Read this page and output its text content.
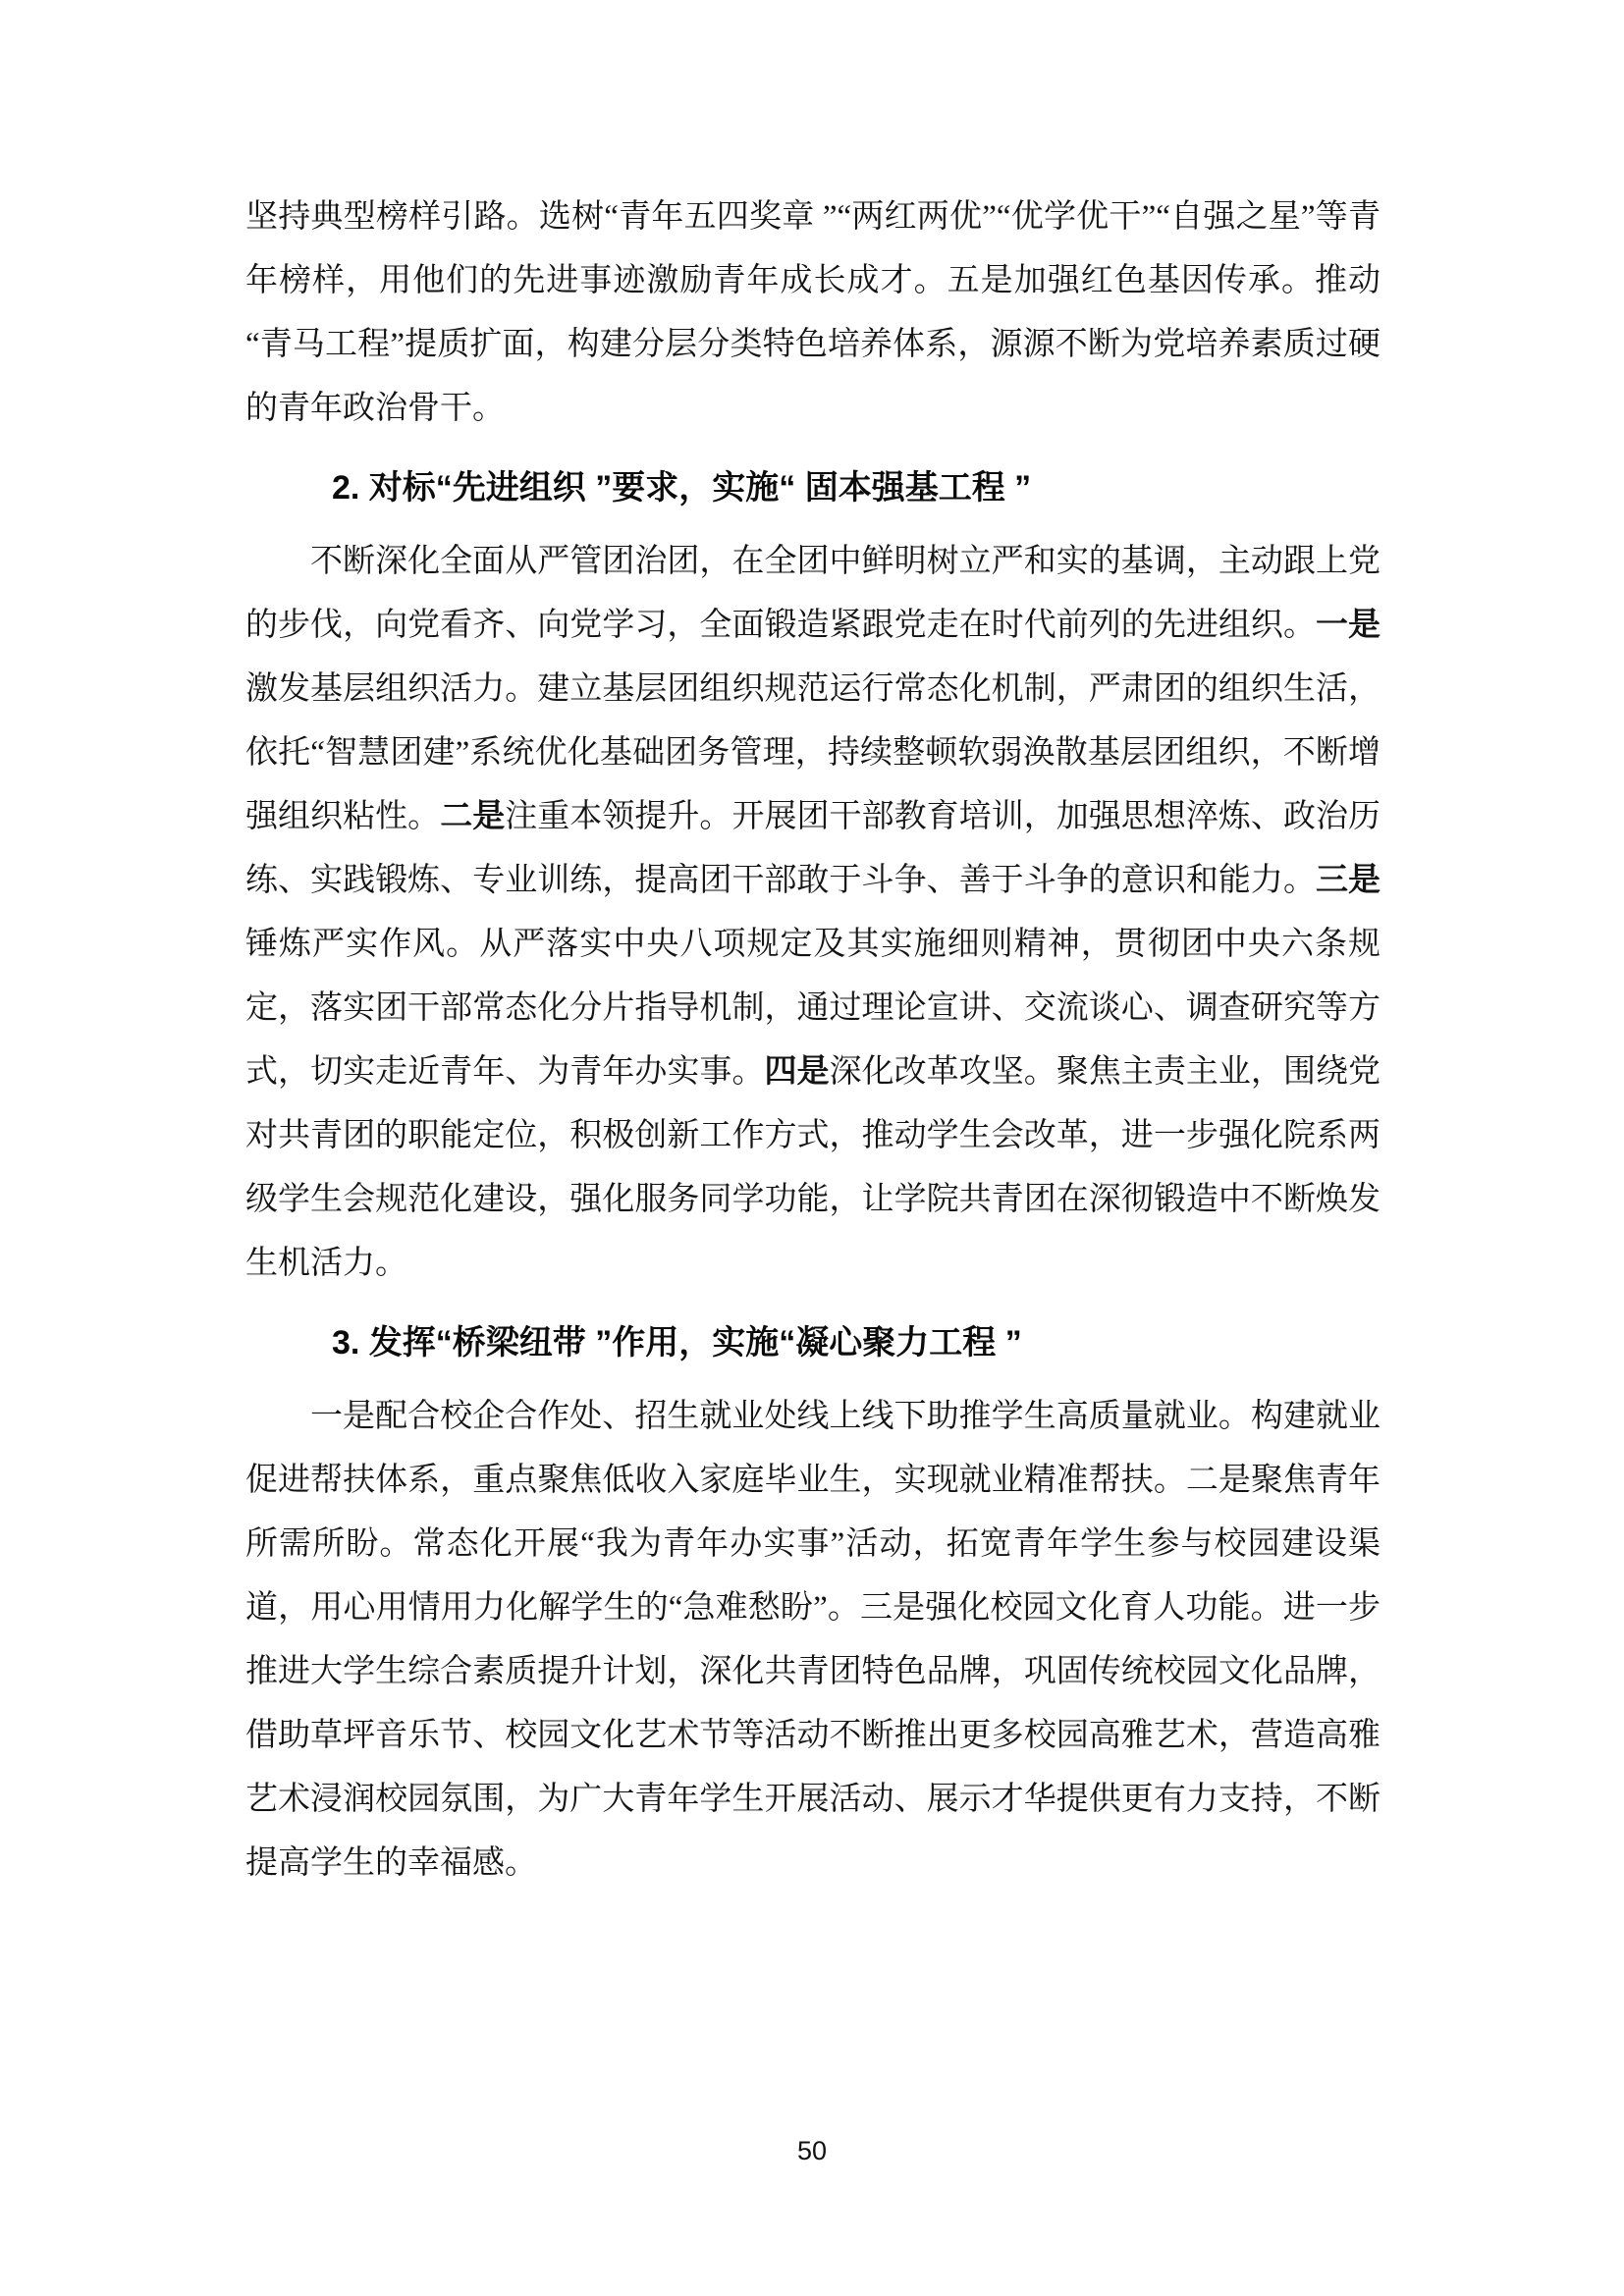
坚持典型榜样引路。选树“青年五四奖章 ”“两红两优”“优学优干”“自强之星”等青年榜样，用他们的先进事迹激励青年成长成才。五是加强红色基因传承。推动“青马工程”提质扩面，构建分层分类特色培养体系，源源不断为党培养素质过硬的青年政治骨干。

2. 对标“先进组织 ”要求，实施“ 固本强基工程 ”

不断深化全面从严管团治团，在全团中鲜明树立严和实的基调，主动跟上党的步伐，向党看齐、向党学习，全面锻造紧跟党走在时代前列的先进组织。一是激发基层组织活力。建立基层团组织规范运行常态化机制，严肃团的组织生活，依托“智慧团建”系统优化基础团务管理，持续整顿软弱涣散基层团组织，不断增强组织粘性。二是注重本领提升。开展团干部教育培训，加强思想淬炼、政治历练、实践锻炼、专业训练，提高团干部敢于斗争、善于斗争的意识和能力。三是锤炼严实作风。从严落实中央八项规定及其实施细则精神，贯彻团中央六条规定，落实团干部常态化分片指导机制，通过理论宣讲、交流谈心、调查研究等方式，切实走近青年、为青年办实事。四是深化改革攻坚。聚焦主责主业，围绕党对共青团的职能定位，积极创新工作方式，推动学生会改革，进一步强化院系两级学生会规范化建设，强化服务同学功能，让学院共青团在深彻锻造中不断焕发生机活力。

3. 发挥“桥梁纽带 ”作用，实施“凝心聚力工程 ”

一是配合校企合作处、招生就业处线上线下助推学生高质量就业。构建就业促进帮扶体系，重点聚焦低收入家庭毕业生，实现就业精准帮扶。二是聚焦青年所需所盼。常态化开展“我为青年办实事”活动，拓宽青年学生参与校园建设渠道，用心用情用力化解学生的“急难愁盼”。三是强化校园文化育人功能。进一步推进大学生综合素质提升计划，深化共青团特色品牌，巩固传统校园文化品牌，借助草坪音乐节、校园文化艺术节等活动不断推出更多校园高雅艺术，营造高雅艺术浸润校园氛围，为广大青年学生开展活动、展示才华提供更有力支持，不断提高学生的幸福感。

50
